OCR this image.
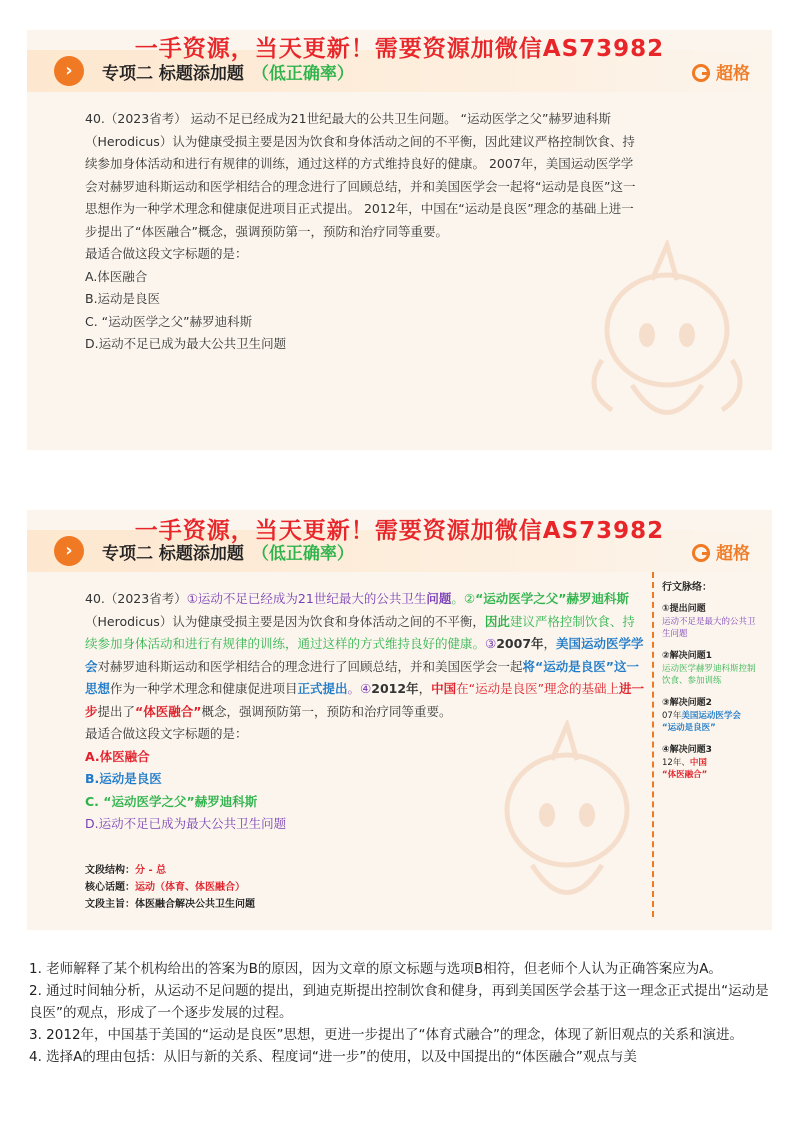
›	专项二 标题添加题 （低正确率）	超格
一手资源，当天更新！需要资源加微信AS73982

40.（2023省考） 运动不足已经成为21世纪最大的公共卫生问题。 “运动医学之父”赫罗迪科斯（Herodicus）认为健康受损主要是因为饮食和身体活动之间的不平衡，因此建议严格控制饮食、持续参加身体活动和进行有规律的训练，通过这样的方式维持良好的健康。 2007年，美国运动医学学会对赫罗迪科斯运动和医学相结合的理念进行了回顾总结，并和美国医学会一起将“运动是良医”这一思想作为一种学术理念和健康促进项目正式提出。 2012年，中国在“运动是良医”理念的基础上进一步提出了“体医融合”概念，强调预防第一，预防和治疗同等重要。

最适合做这段文字标题的是：

A.体医融合

B.运动是良医

C. “运动医学之父”赫罗迪科斯

D.运动不足已成为最大公共卫生问题

›	专项二 标题添加题 （低正确率）	超格
一手资源，当天更新！需要资源加微信AS73982

40.（2023省考）①运动不足已经成为21世纪最大的公共卫生问题。②“运动医学之父”赫罗迪科斯（Herodicus）认为健康受损主要是因为饮食和身体活动之间的不平衡，因此建议严格控制饮食、持续参加身体活动和进行有规律的训练，通过这样的方式维持良好的健康。③2007年，美国运动医学学会对赫罗迪科斯运动和医学相结合的理念进行了回顾总结，并和美国医学会一起将“运动是良医”这一思想作为一种学术理念和健康促进项目正式提出。④2012年，中国在“运动是良医”理念的基础上进一步提出了“体医融合”概念，强调预防第一，预防和治疗同等重要。

最适合做这段文字标题的是：

A.体医融合

B.运动是良医

C. “运动医学之父”赫罗迪科斯

D.运动不足已成为最大公共卫生问题

文段结构：分 - 总

核心话题：运动（体育、体医融合）

文段主旨：体医融合解决公共卫生问题

行文脉络：

①提出问题

运动不足是最大的公共卫生问题

②解决问题1

运动医学赫罗迪科斯控制饮食、参加训练

③解决问题2

07年美国运动医学会
“运动是良医”

④解决问题3

12年、中国
“体医融合”

1. 老师解释了某个机构给出的答案为B的原因，因为文章的原文标题与选项B相符，但老师个人认为正确答案应为A。

2. 通过时间轴分析，从运动不足问题的提出，到迪克斯提出控制饮食和健身，再到美国医学会基于这一理念正式提出“运动是良医”的观点，形成了一个逐步发展的过程。

3. 2012年，中国基于美国的“运动是良医”思想，更进一步提出了“体育式融合”的理念，体现了新旧观点的关系和演进。

4. 选择A的理由包括：从旧与新的关系、程度词“进一步”的使用，以及中国提出的“体医融合”观点与美
